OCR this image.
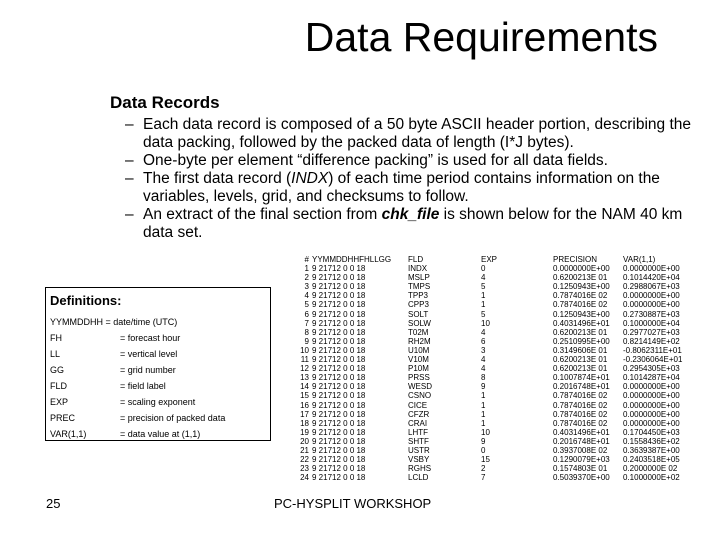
Data Requirements
Data Records
– Each data record is composed of a 50 byte ASCII header portion, describing the data packing, followed by the packed data of length (I*J bytes).
– One-byte per element “difference packing” is used for all data fields.
– The first data record (INDX) of each time period contains information on the variables, levels, grid, and checksums to follow.
– An extract of the final section from chk_file is shown below for the NAM 40 km data set.
Definitions:
YYMMDDHH = date/time (UTC)
FH	= forecast hour
LL	= vertical level
GG	= grid number
FLD	= field label
EXP	= scaling exponent
PREC	= precision of packed data
VAR(1,1)	= data value at (1,1)
#	YYMMDDHHFHLLGG	FLD	EXP	PRECISION	VAR(1,1)
1	9 21712 0 0 18	INDX	0	0.0000000E+00	0.0000000E+00
2	9 21712 0 0 18	MSLP	4	0.6200213E 01	0.1014420E+04
3	9 21712 0 0 18	TMPS	5	0.1250943E+00	0.2988067E+03
4	9 21712 0 0 18	TPP3	1	0.7874016E 02	0.0000000E+00
5	9 21712 0 0 18	CPP3	1	0.7874016E 02	0.0000000E+00
6	9 21712 0 0 18	SOLT	5	0.1250943E+00	0.2730887E+03
7	9 21712 0 0 18	SOLW	10	0.4031496E+01	0.1000000E+04
8	9 21712 0 0 18	T02M	4	0.6200213E 01	0.2977027E+03
9	9 21712 0 0 18	RH2M	6	0.2510995E+00	0.8214149E+02
10	9 21712 0 0 18	U10M	3	0.3149606E 01	-0.8062311E+01
11	9 21712 0 0 18	V10M	4	0.6200213E 01	-0.2306064E+01
12	9 21712 0 0 18	P10M	4	0.6200213E 01	0.2954305E+03
13	9 21712 0 0 18	PRSS	8	0.1007874E+01	0.1014287E+04
14	9 21712 0 0 18	WESD	9	0.2016748E+01	0.0000000E+00
15	9 21712 0 0 18	CSNO	1	0.7874016E 02	0.0000000E+00
16	9 21712 0 0 18	CICE	1	0.7874016E 02	0.0000000E+00
17	9 21712 0 0 18	CFZR	1	0.7874016E 02	0.0000000E+00
18	9 21712 0 0 18	CRAI	1	0.7874016E 02	0.0000000E+00
19	9 21712 0 0 18	LHTF	10	0.4031496E+01	0.1704450E+03
20	9 21712 0 0 18	SHTF	9	0.2016748E+01	0.1558436E+02
21	9 21712 0 0 18	USTR	0	0.3937008E 02	0.3639387E+00
22	9 21712 0 0 18	VSBY	15	0.1290079E+03	0.2403518E+05
23	9 21712 0 0 18	RGHS	2	0.1574803E 01	0.2000000E 02
24	9 21712 0 0 18	LCLD	7	0.5039370E+00	0.1000000E+02
25	PC-HYSPLIT WORKSHOP
